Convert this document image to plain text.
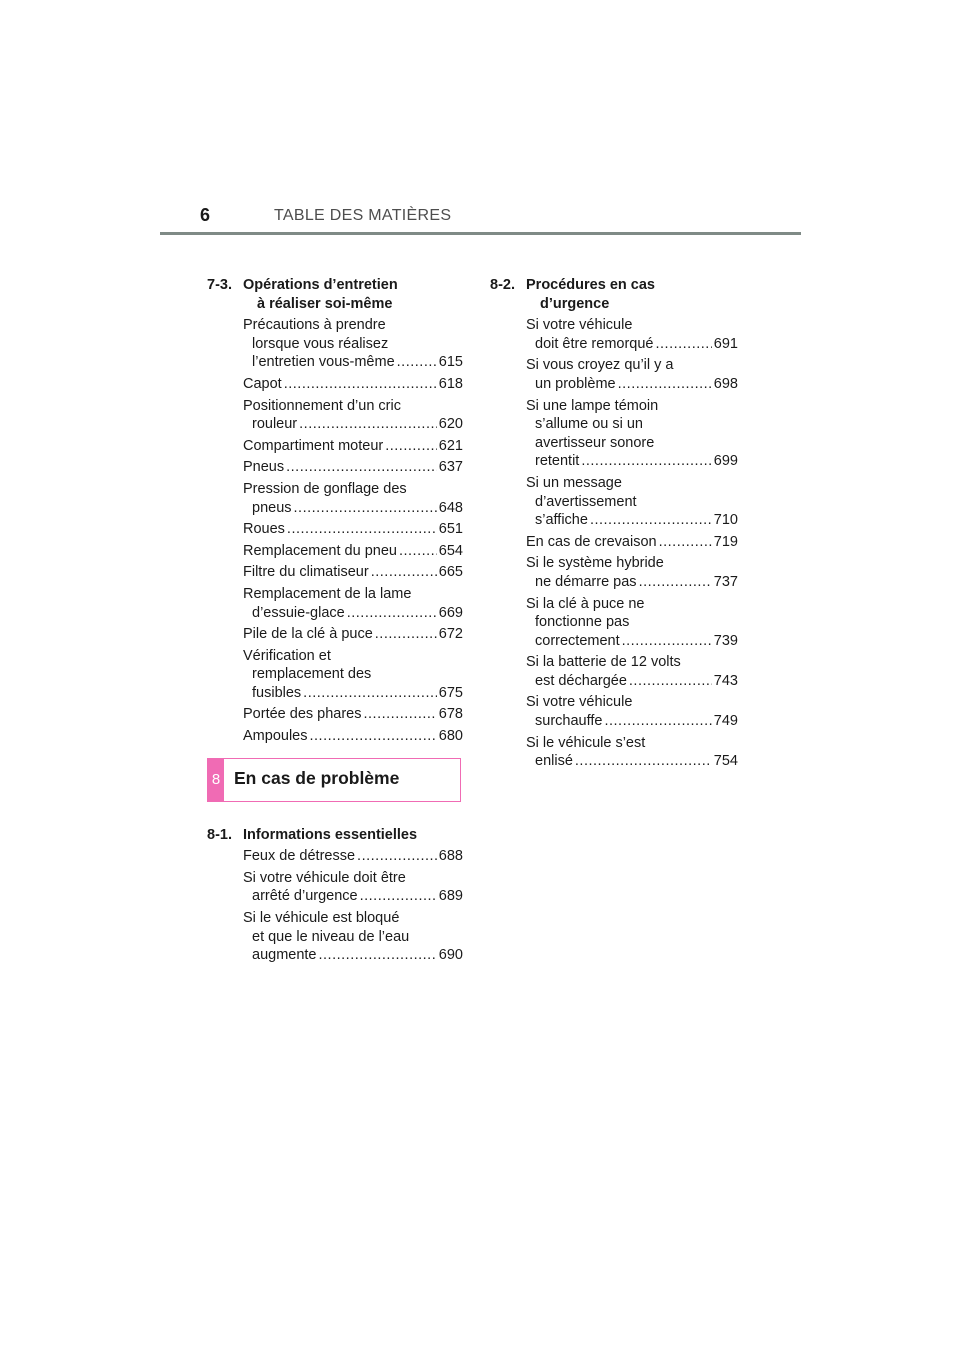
6	TABLE DES MATIÈRES
7-3. Opérations d’entretien
à réaliser soi-même
Précautions à prendre
lorsque vous réalisez
l’entretien vous-même .....	615
Capot .....	618
Positionnement d’un cric
rouleur .....	620
Compartiment moteur .....	621
Pneus .....	637
Pression de gonflage des
pneus .....	648
Roues .....	651
Remplacement du pneu .....	654
Filtre du climatiseur .....	665
Remplacement de la lame
d’essuie-glace .....	669
Pile de la clé à puce .....	672
Vérification et
remplacement des
fusibles .....	675
Portée des phares .....	678
Ampoules .....	680
8 En cas de problème
8-1. Informations essentielles
Feux de détresse .....	688
Si votre véhicule doit être
arrêté d’urgence .....	689
Si le véhicule est bloqué
et que le niveau de l’eau
augmente .....	690
8-2. Procédures en cas
d’urgence
Si votre véhicule
doit être remorqué .....	691
Si vous croyez qu’il y a
un problème .....	698
Si une lampe témoin
s’allume ou si un
avertisseur sonore
retentit .....	699
Si un message
d’avertissement
s’affiche .....	710
En cas de crevaison .....	719
Si le système hybride
ne démarre pas .....	737
Si la clé à puce ne
fonctionne pas
correctement .....	739
Si la batterie de 12 volts
est déchargée .....	743
Si votre véhicule
surchauffe .....	749
Si le véhicule s’est
enlisé .....	754
